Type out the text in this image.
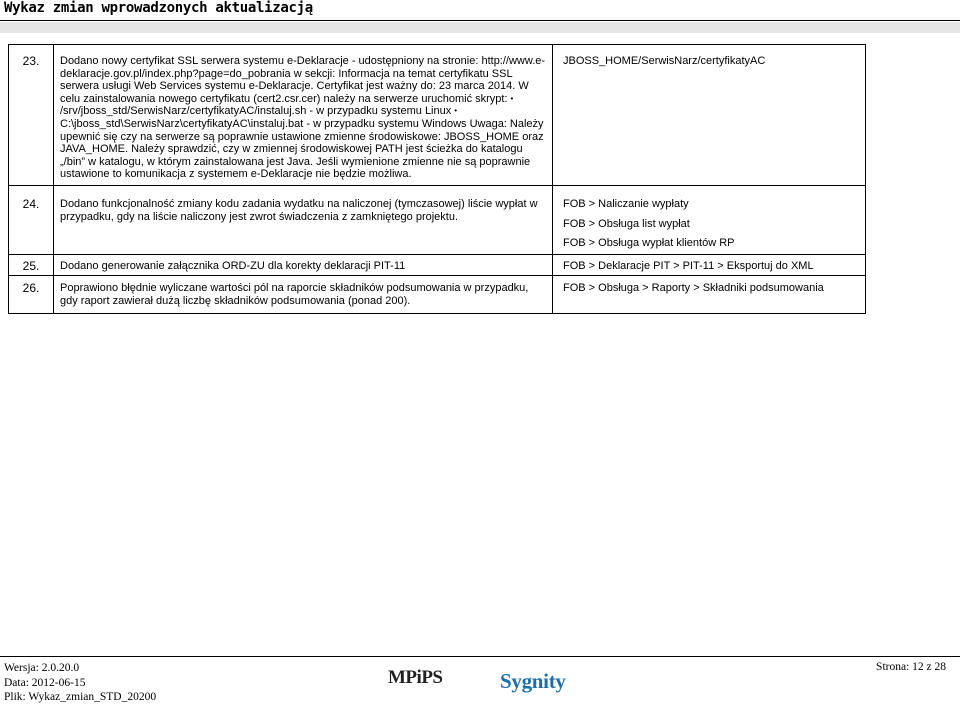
Wykaz zmian wprowadzonych aktualizacją
23.	Dodano nowy certyfikat SSL serwera systemu e-Deklaracje - udostępniony na stronie: http://www.e-deklaracje.gov.pl/index.php?page=do_pobrania w sekcji: Informacja na temat certyfikatu SSL serwera usługi Web Services systemu e-Deklaracje. Certyfikat jest ważny do: 23 marca 2014. W celu zainstalowania nowego certyfikatu (cert2.csr.cer) należy na serwerze uruchomić skrypt: •
/srv/jboss_std/SerwisNarz/certyfikatyAC/instaluj.sh - w przypadku systemu Linux •
C:\jboss_std\SerwisNarz\certyfikatyAC\instaluj.bat - w przypadku systemu Windows Uwaga: Należy upewnić się czy na serwerze są poprawnie ustawione zmienne środowiskowe: JBOSS_HOME oraz JAVA_HOME. Należy sprawdzić, czy w zmiennej środowiskowej PATH jest ścieżka do katalogu „/bin” w katalogu, w którym zainstalowana jest Java. Jeśli wymienione zmienne nie są poprawnie ustawione to komunikacja z systemem e-Deklaracje nie będzie możliwa.	JBOSS_HOME/SerwisNarz/certyfikatyAC

24.	Dodano funkcjonalność zmiany kodu zadania wydatku na naliczonej (tymczasowej) liście wypłat w przypadku, gdy na liście naliczony jest zwrot świadczenia z zamkniętego projektu.	FOB > Naliczanie wypłaty
FOB > Obsługa list wypłat
FOB > Obsługa wypłat klientów RP

25.	Dodano generowanie załącznika ORD-ZU dla korekty deklaracji PIT-11	FOB > Deklaracje PIT > PIT-11 > Eksportuj do XML

26.	Poprawiono błędnie wyliczane wartości pól na raporcie składników podsumowania w przypadku, gdy raport zawierał dużą liczbę składników podsumowania (ponad 200).	FOB > Obsługa > Raporty > Składniki podsumowania
Wersja: 2.0.20.0
Data: 2012-06-15
Plik: Wykaz_zmian_STD_20200
MPiPS	Sygnity
Strona: 12 z 28
